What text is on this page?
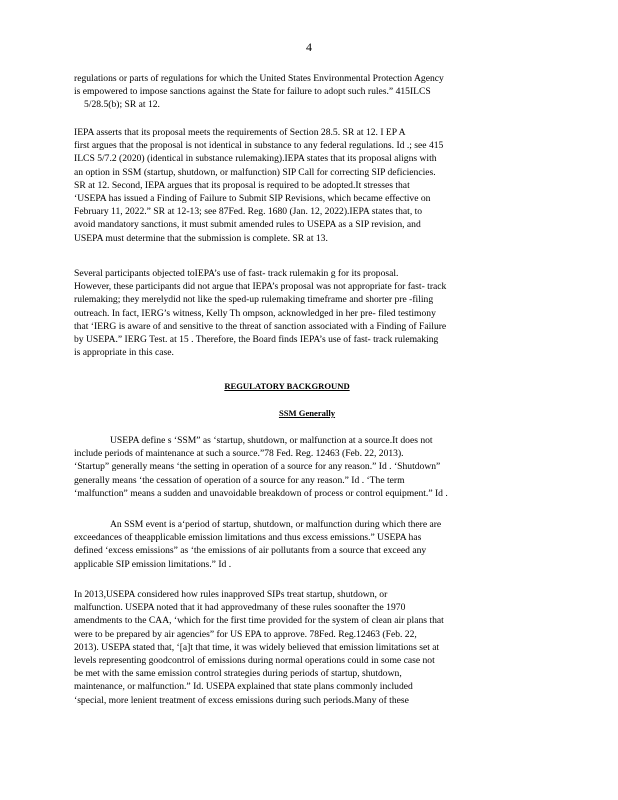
4
regulations or parts of regulations for which the United States Environmental Protection Agency
is empowered to impose sanctions against the State for failure to adopt such rules.” 415ILCS
5/28.5(b); SR at 12.
IEPA asserts that its proposal meets the requirements of Section 28.5. SR at 12. I EP A
first argues that the proposal is not identical in substance to any federal regulations. Id .; see 415
ILCS 5/7.2 (2020) (identical in substance rulemaking).IEPA states that its proposal aligns with
an option in SSM (startup, shutdown, or malfunction) SIP Call for correcting SIP deficiencies.
SR at 12. Second, IEPA argues that its proposal is required to be adopted.It stresses that
‘USEPA has issued a Finding of Failure to Submit SIP Revisions, which became effective on
February 11, 2022.” SR at 12-13; see 87Fed. Reg. 1680 (Jan. 12, 2022).IEPA states that, to
avoid mandatory sanctions, it must submit amended rules to USEPA as a SIP revision, and
USEPA must determine that the submission is complete. SR at 13.
Several participants objected toIEPA’s use of fast- track rulemakin g for its proposal.
However, these participants did not argue that IEPA’s proposal was not appropriate for fast- track
rulemaking; they merelydid not like the sped-up rulemaking timeframe and shorter pre -filing
outreach. In fact, IERG’s witness, Kelly Th ompson, acknowledged in her pre- filed testimony
that ‘IERG is aware of and sensitive to the threat of sanction associated with a Finding of Failure
by USEPA.” IERG Test. at 15 . Therefore, the Board finds IEPA’s use of fast- track rulemaking
is appropriate in this case.
REGULATORY BACKGROUND
SSM Generally
USEPA define s ‘SSM” as ‘startup, shutdown, or malfunction at a source.It does not
include periods of maintenance at such a source.”78 Fed. Reg. 12463 (Feb. 22, 2013).
‘Startup” generally means ‘the setting in operation of a source for any reason.” Id . ‘Shutdown”
generally means ‘the cessation of operation of a source for any reason.” Id . ‘The term
‘malfunction” means a sudden and unavoidable breakdown of process or control equipment.” Id .
An SSM event is a‘period of startup, shutdown, or malfunction during which there are
exceedances of theapplicable emission limitations and thus excess emissions.” USEPA has
defined ‘excess emissions” as ‘the emissions of air pollutants from a source that exceed any
applicable SIP emission limitations.” Id .
In 2013,USEPA considered how rules inapproved SIPs treat startup, shutdown, or
malfunction. USEPA noted that it had approvedmany of these rules soonafter the 1970
amendments to the CAA, ‘which for the first time provided for the system of clean air plans that
were to be prepared by air agencies” for US EPA to approve. 78Fed. Reg.12463 (Feb. 22,
2013). USEPA stated that, ‘[a]t that time, it was widely believed that emission limitations set at
levels representing goodcontrol of emissions during normal operations could in some case not
be met with the same emission control strategies during periods of startup, shutdown,
maintenance, or malfunction.” Id. USEPA explained that state plans commonly included
‘special, more lenient treatment of excess emissions during such periods.Many of these
